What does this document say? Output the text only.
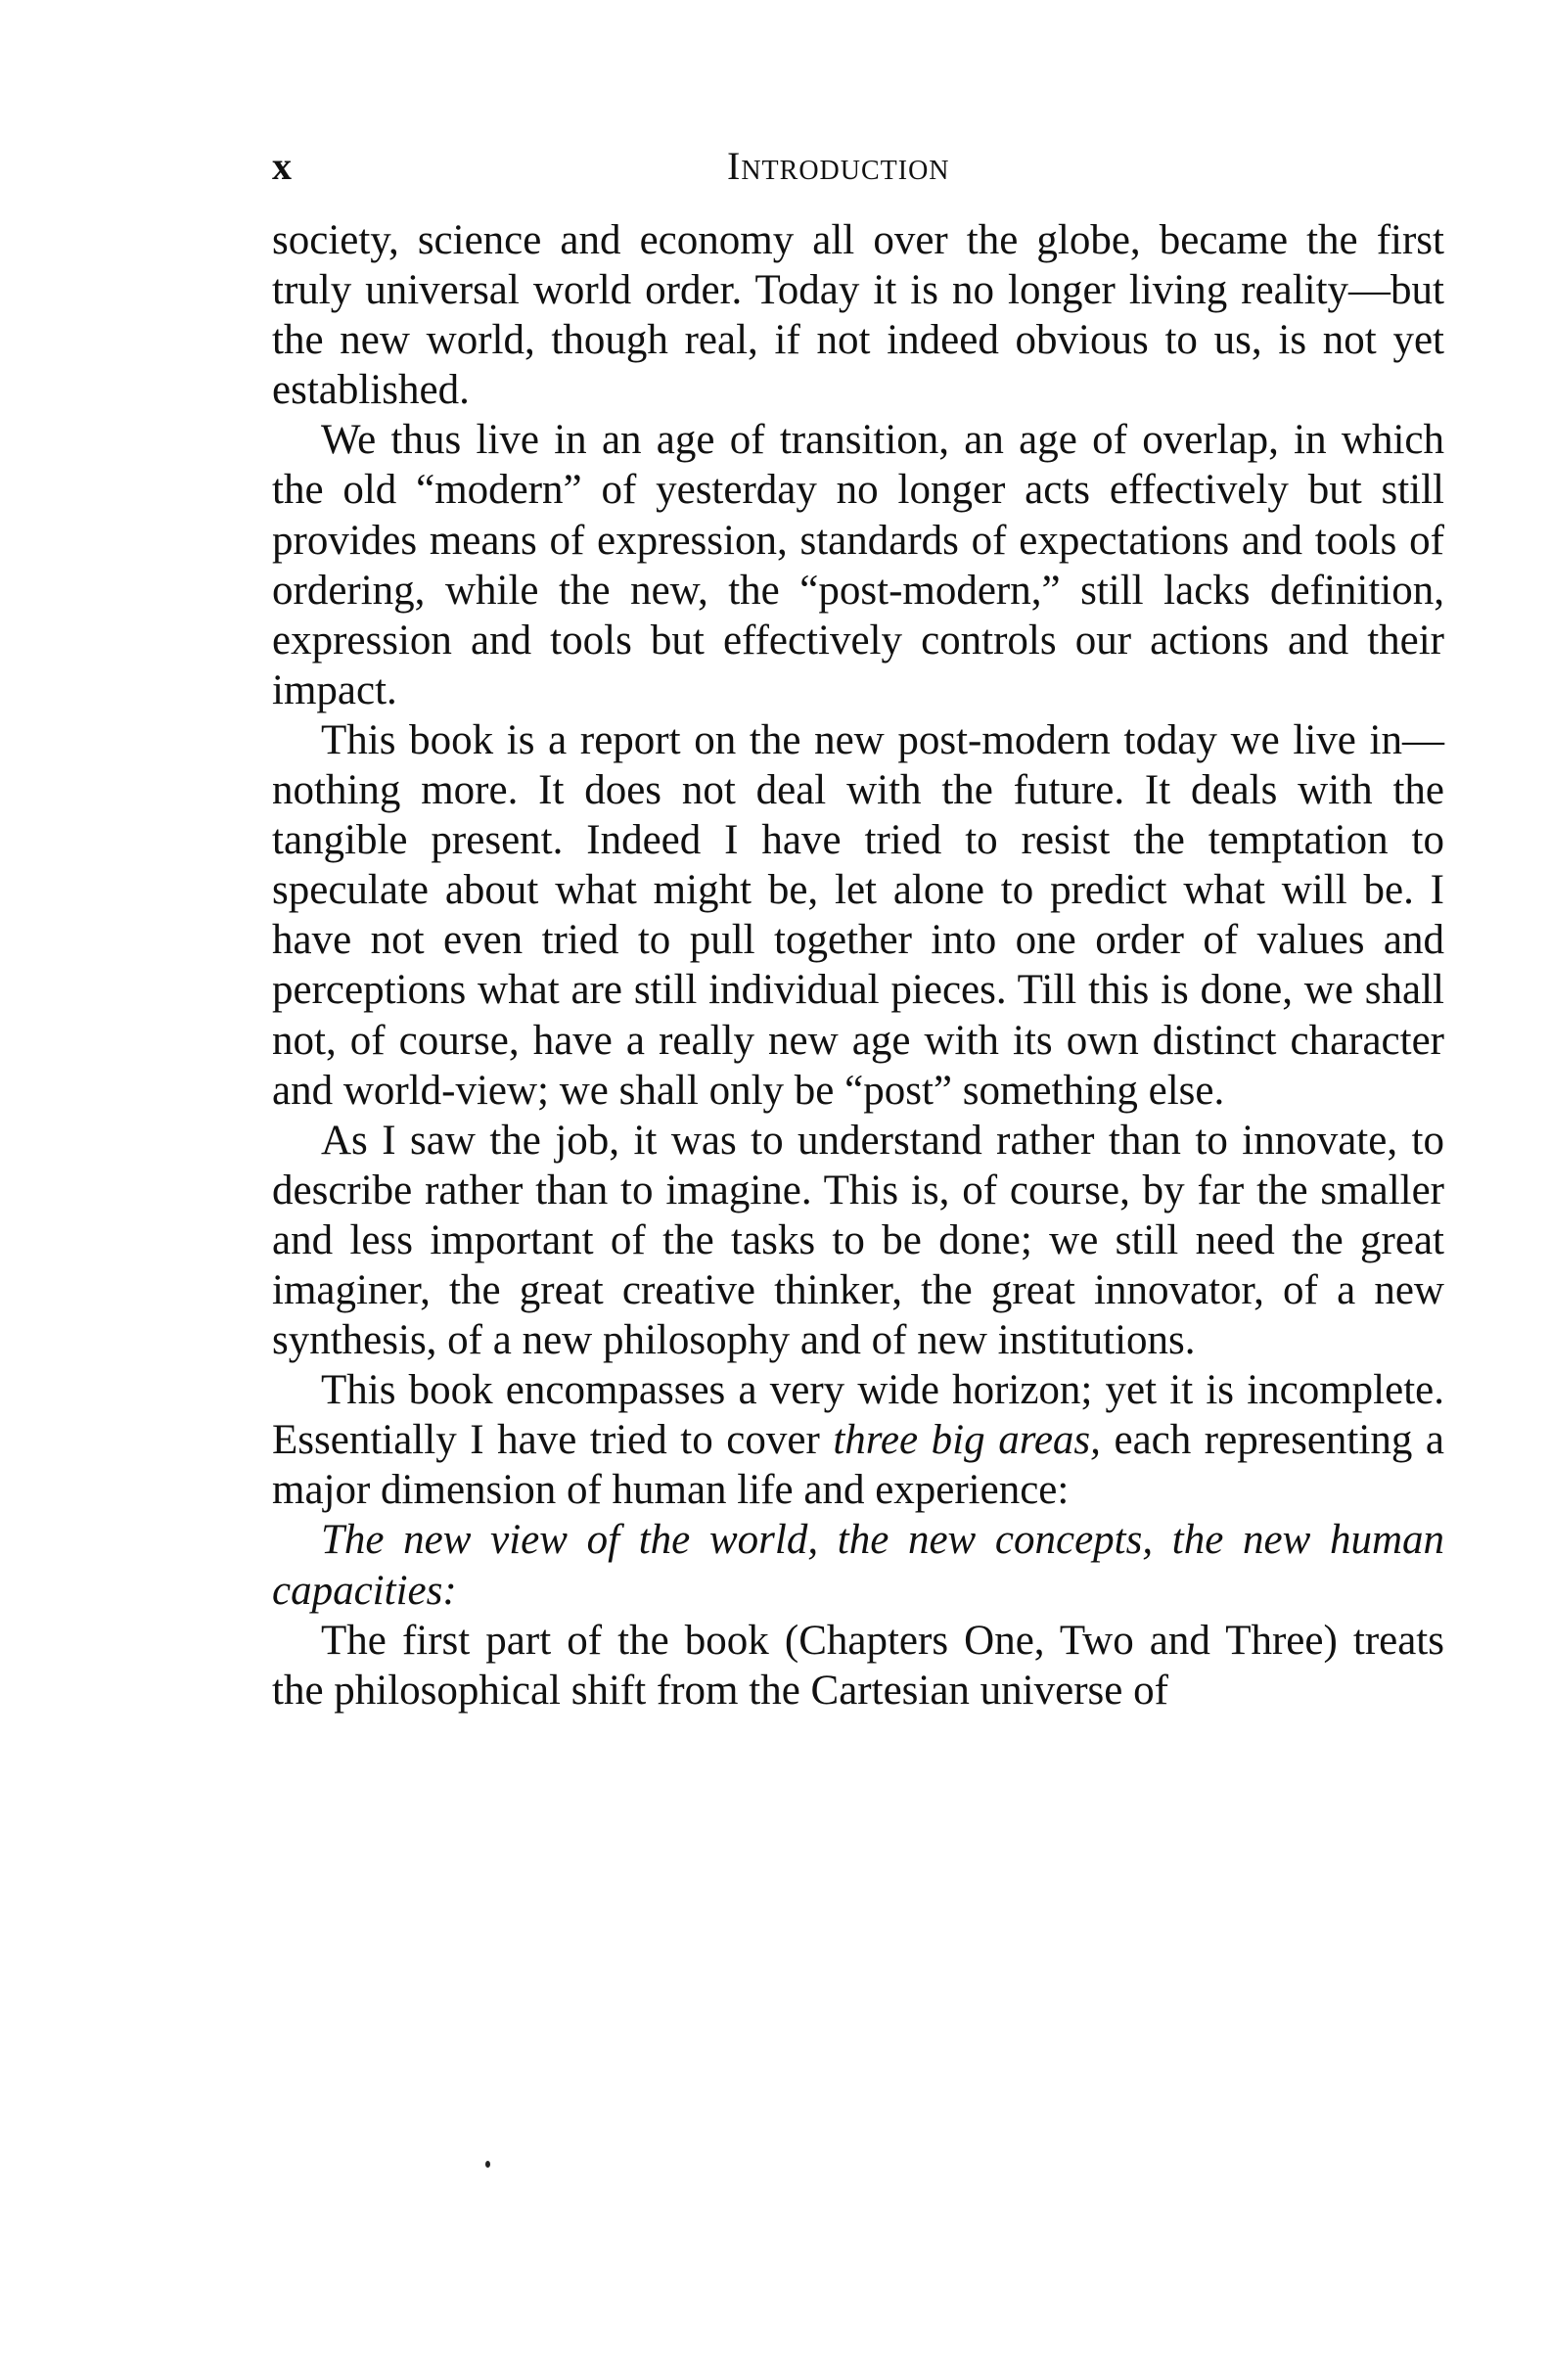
x	Introduction

society, science and economy all over the globe, became the first truly universal world order. Today it is no longer living reality—but the new world, though real, if not indeed obvious to us, is not yet established.

We thus live in an age of transition, an age of overlap, in which the old “modern” of yesterday no longer acts effectively but still provides means of expression, standards of expectations and tools of ordering, while the new, the “post-modern,” still lacks definition, expression and tools but effectively controls our actions and their impact.

This book is a report on the new post-modern today we live in—nothing more. It does not deal with the future. It deals with the tangible present. Indeed I have tried to resist the temptation to speculate about what might be, let alone to predict what will be. I have not even tried to pull together into one order of values and perceptions what are still individual pieces. Till this is done, we shall not, of course, have a really new age with its own distinct character and world-view; we shall only be “post” something else.

As I saw the job, it was to understand rather than to innovate, to describe rather than to imagine. This is, of course, by far the smaller and less important of the tasks to be done; we still need the great imaginer, the great creative thinker, the great innovator, of a new synthesis, of a new philosophy and of new institutions.

This book encompasses a very wide horizon; yet it is incomplete. Essentially I have tried to cover three big areas, each representing a major dimension of human life and experience:

The new view of the world, the new concepts, the new human capacities:

The first part of the book (Chapters One, Two and Three) treats the philosophical shift from the Cartesian universe of
